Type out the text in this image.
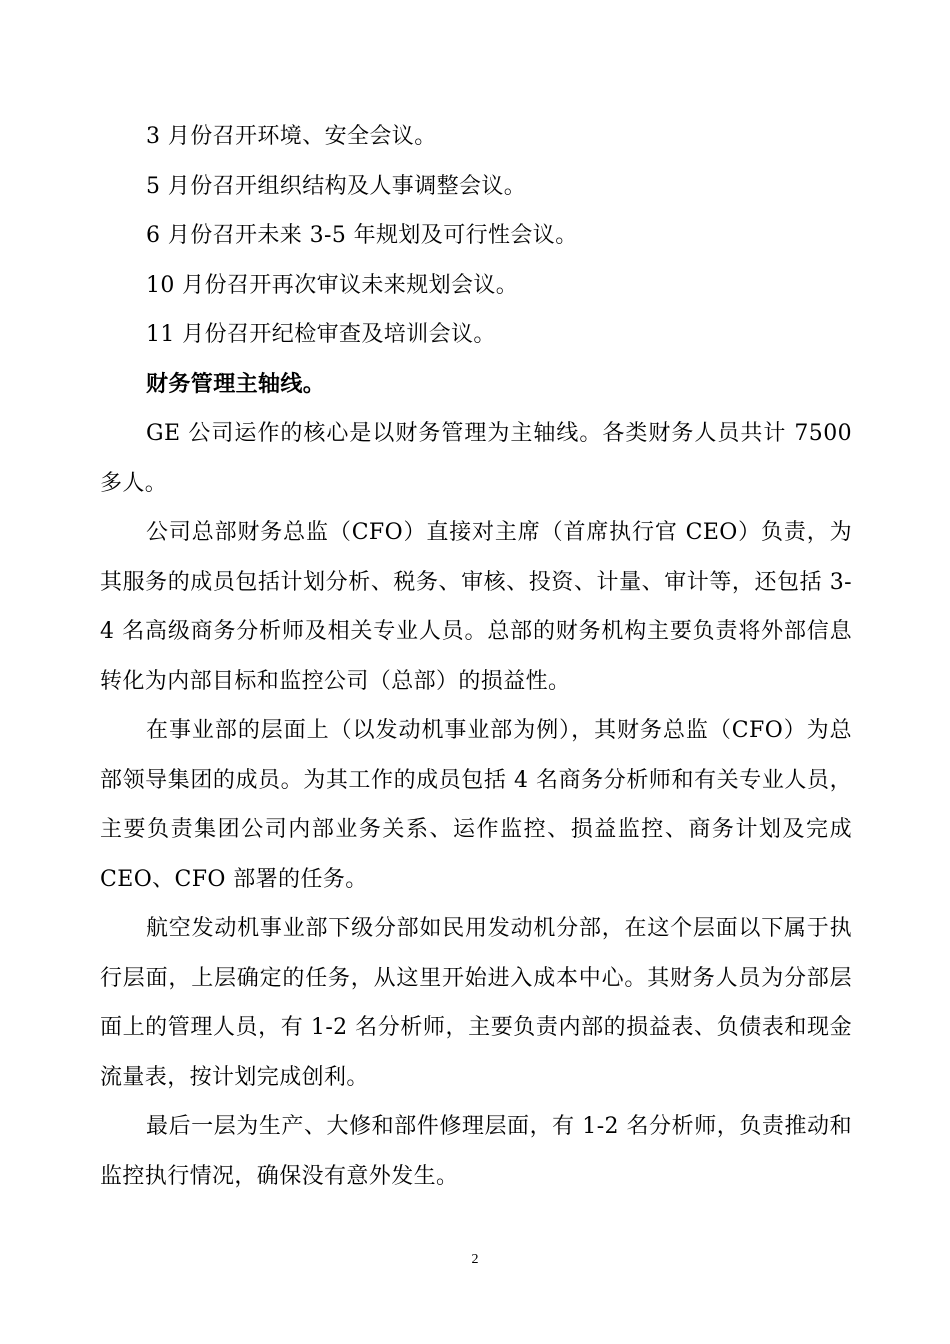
3 月份召开环境、安全会议。

5 月份召开组织结构及人事调整会议。

6 月份召开未来 3-5 年规划及可行性会议。

10 月份召开再次审议未来规划会议。

11 月份召开纪检审查及培训会议。

财务管理主轴线。

GE 公司运作的核心是以财务管理为主轴线。各类财务人员共计 7500 多人。

公司总部财务总监（CFO）直接对主席（首席执行官 CEO）负责，为其服务的成员包括计划分析、税务、审核、投资、计量、审计等，还包括 3-4 名高级商务分析师及相关专业人员。总部的财务机构主要负责将外部信息转化为内部目标和监控公司（总部）的损益性。

在事业部的层面上（以发动机事业部为例），其财务总监（CFO）为总部领导集团的成员。为其工作的成员包括 4 名商务分析师和有关专业人员，主要负责集团公司内部业务关系、运作监控、损益监控、商务计划及完成 CEO、CFO 部署的任务。

航空发动机事业部下级分部如民用发动机分部，在这个层面以下属于执行层面，上层确定的任务，从这里开始进入成本中心。其财务人员为分部层面上的管理人员，有 1-2 名分析师，主要负责内部的损益表、负债表和现金流量表，按计划完成创利。

最后一层为生产、大修和部件修理层面，有 1-2 名分析师，负责推动和监控执行情况，确保没有意外发生。

2
